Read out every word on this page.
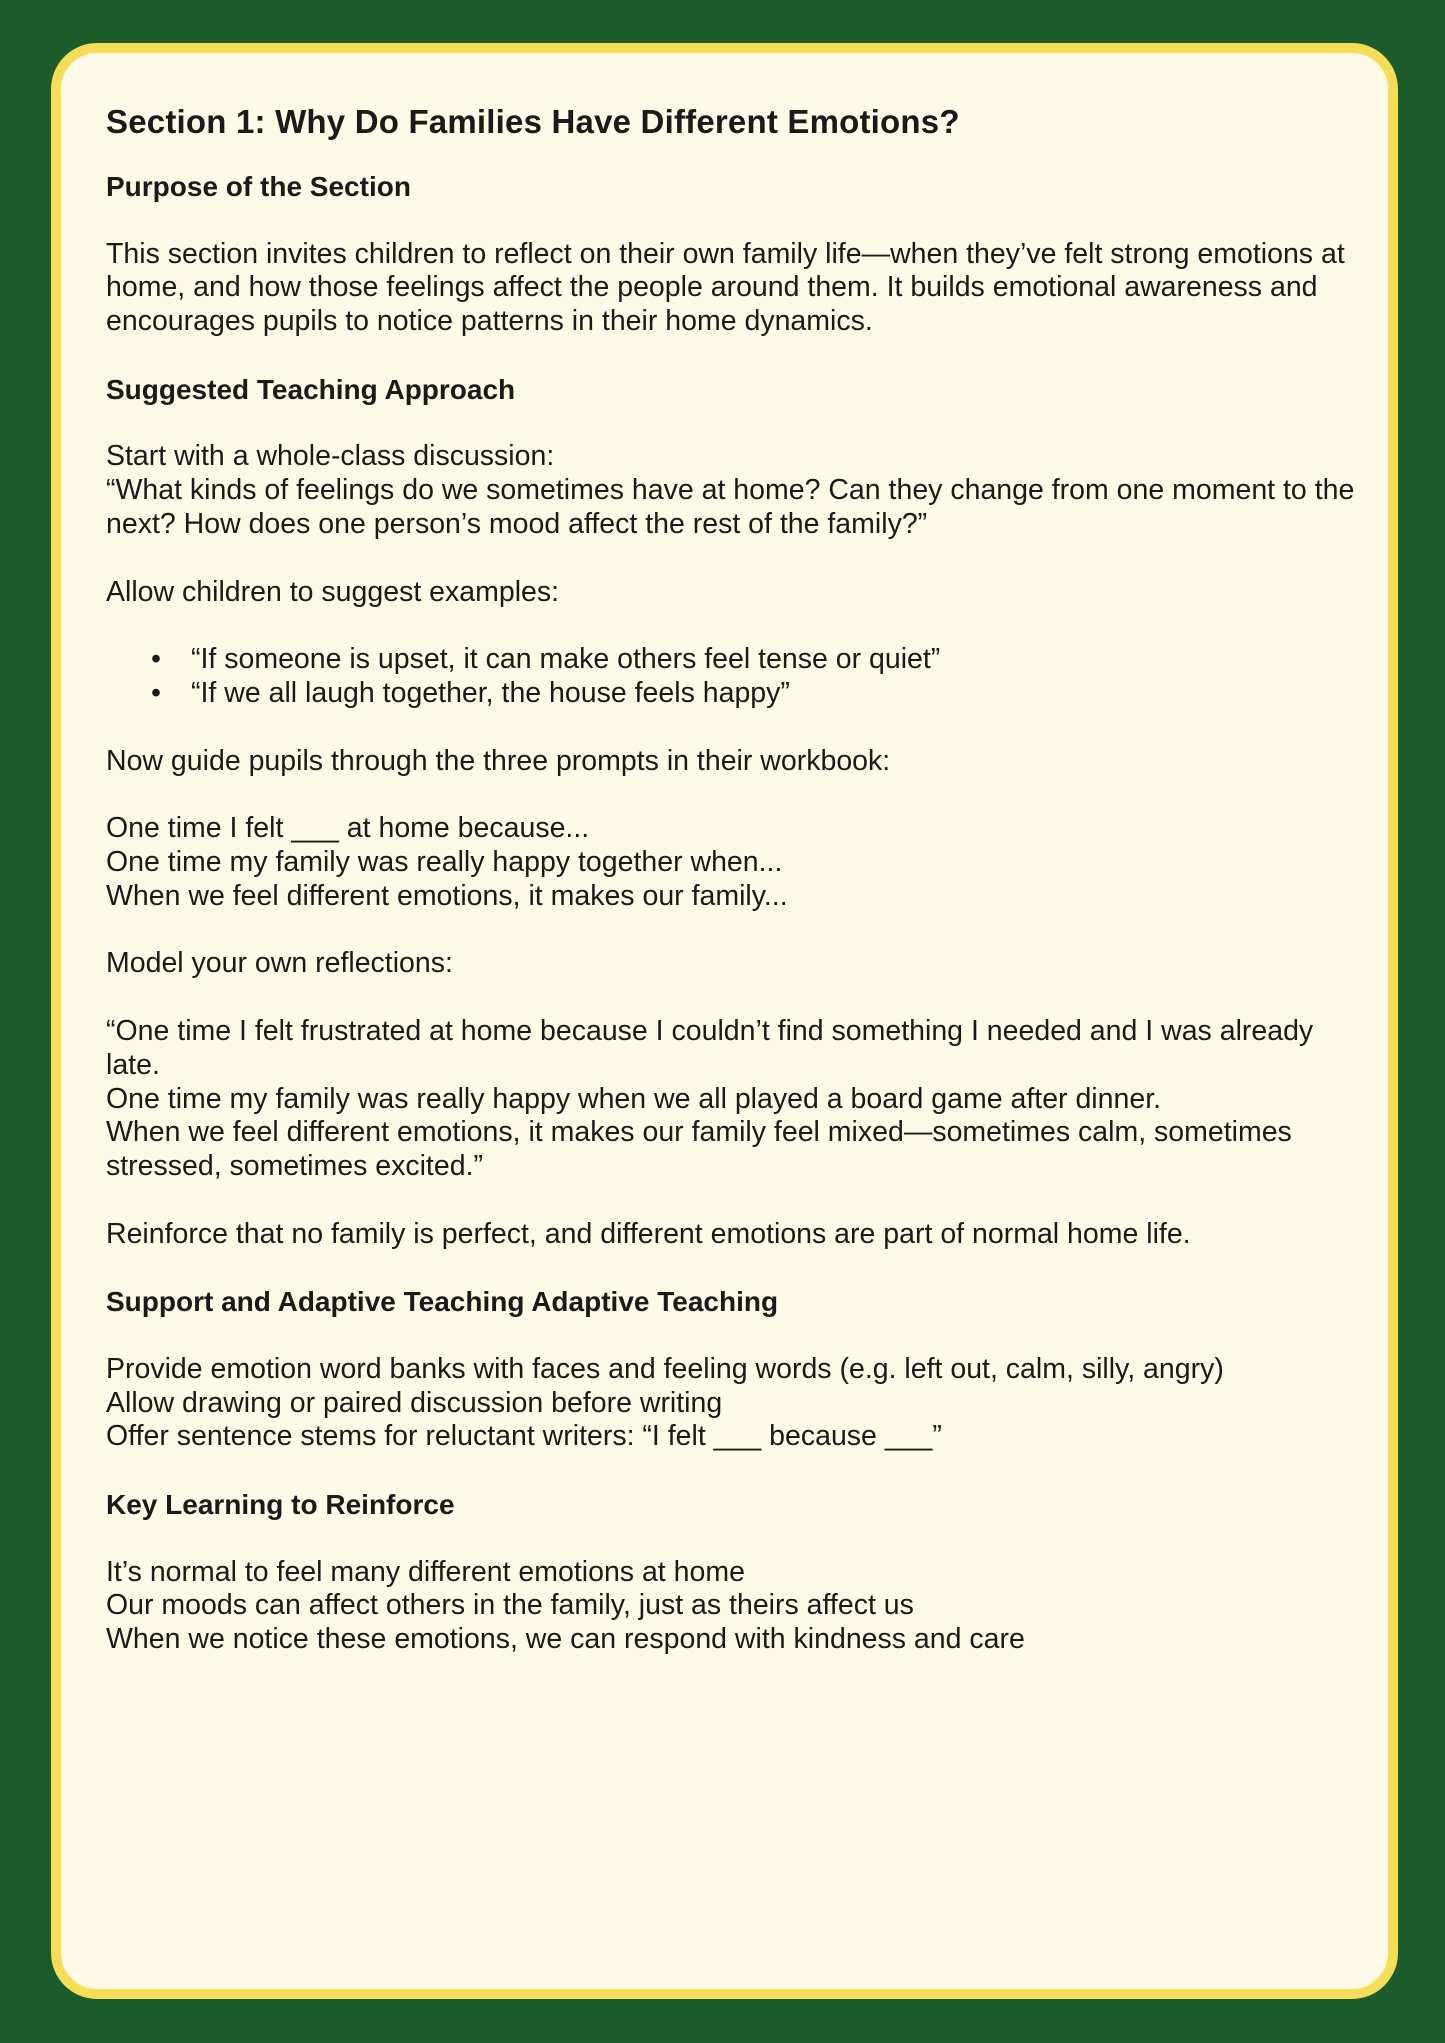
Section 1: Why Do Families Have Different Emotions?
Purpose of the Section

This section invites children to reflect on their own family life—when they’ve felt strong emotions at home, and how those feelings affect the people around them. It builds emotional awareness and encourages pupils to notice patterns in their home dynamics.

Suggested Teaching Approach

Start with a whole-class discussion:

“What kinds of feelings do we sometimes have at home? Can they change from one moment to the next? How does one person’s mood affect the rest of the family?”

Allow children to suggest examples:

• “If someone is upset, it can make others feel tense or quiet”
• “If we all laugh together, the house feels happy”

Now guide pupils through the three prompts in their workbook:

One time I felt ___ at home because...

One time my family was really happy together when...

When we feel different emotions, it makes our family...

Model your own reflections:

“One time I felt frustrated at home because I couldn’t find something I needed and I was already late.

One time my family was really happy when we all played a board game after dinner.

When we feel different emotions, it makes our family feel mixed—sometimes calm, sometimes stressed, sometimes excited.”

Reinforce that no family is perfect, and different emotions are part of normal home life.

Support and Adaptive Teaching Adaptive Teaching

Provide emotion word banks with faces and feeling words (e.g. left out, calm, silly, angry)

Allow drawing or paired discussion before writing

Offer sentence stems for reluctant writers: “I felt ___ because ___”

Key Learning to Reinforce

It’s normal to feel many different emotions at home

Our moods can affect others in the family, just as theirs affect us

When we notice these emotions, we can respond with kindness and care
